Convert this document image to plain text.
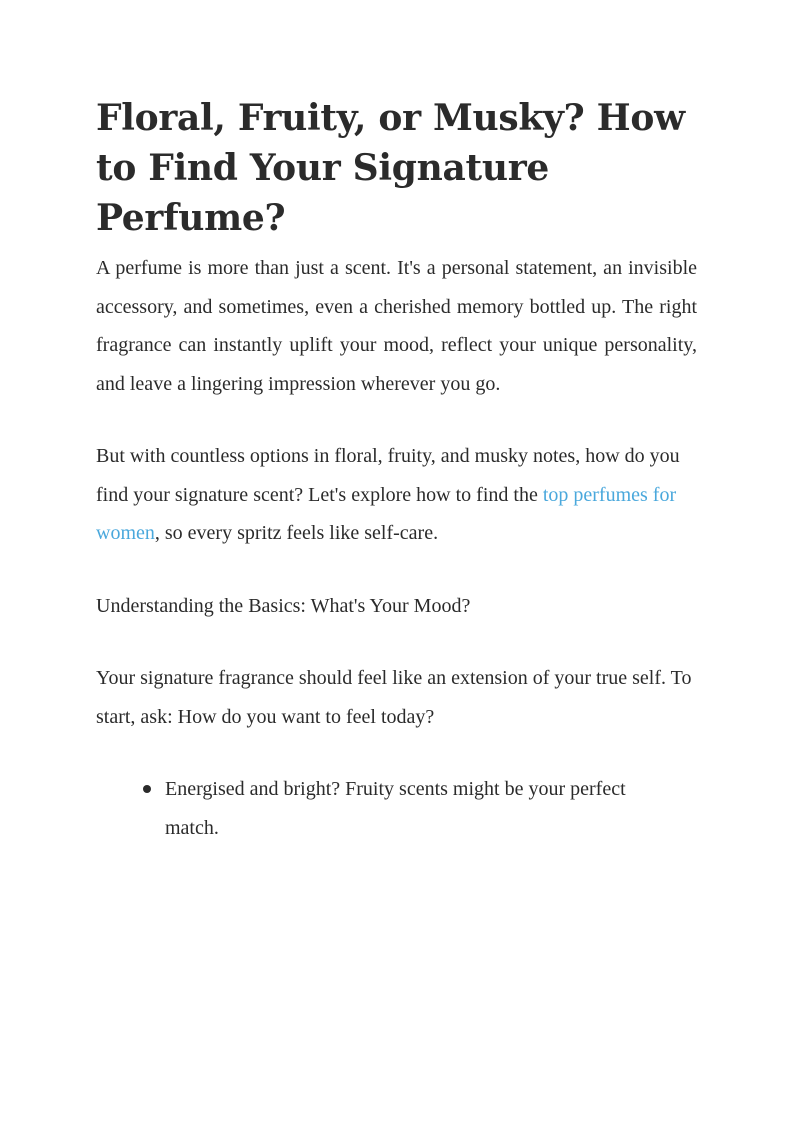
Floral, Fruity, or Musky? How to Find Your Signature Perfume?

A perfume is more than just a scent. It's a personal statement, an invisible accessory, and sometimes, even a cherished memory bottled up. The right fragrance can instantly uplift your mood, reflect your unique personality, and leave a lingering impression wherever you go.

But with countless options in floral, fruity, and musky notes, how do you find your signature scent? Let's explore how to find the top perfumes for women, so every spritz feels like self-care.

Understanding the Basics: What's Your Mood?

Your signature fragrance should feel like an extension of your true self. To start, ask: How do you want to feel today?

Energised and bright? Fruity scents might be your perfect match.
